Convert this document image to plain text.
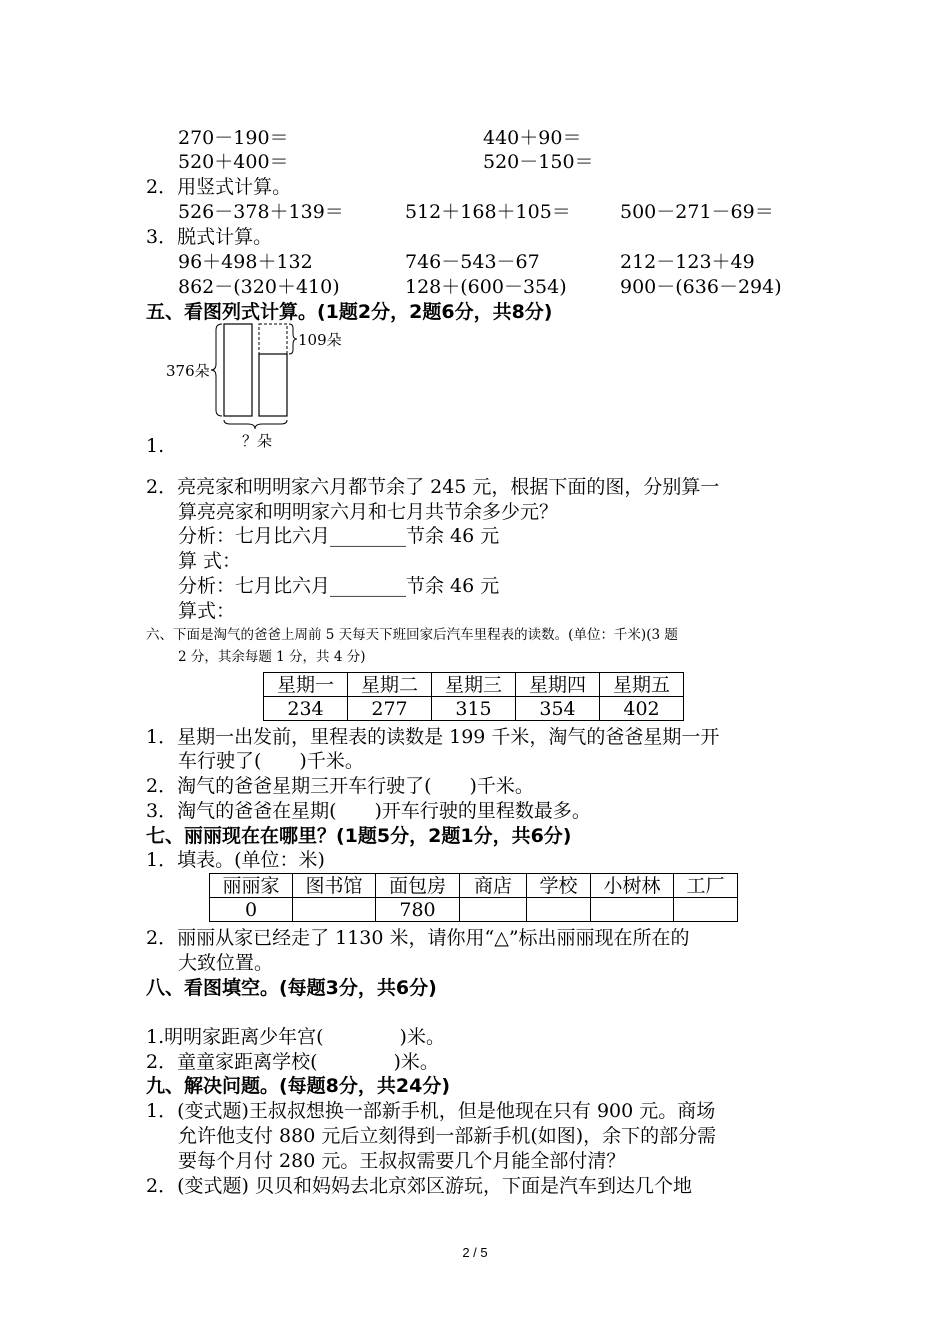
270－190＝	440＋90＝
520＋400＝	520－150＝
2．用竖式计算。
526－378＋139＝	512＋168＋105＝	500－271－69＝
3．脱式计算。
96＋498＋132	746－543－67	212－123＋49
862－(320＋410)	128＋(600－354)	900－(636－294)
五、看图列式计算。(1题2分，2题6分，共8分)
376朵
109朵
？朵
1.
2．亮亮家和明明家六月都节余了 245 元，根据下面的图，分别算一
算亮亮家和明明家六月和七月共节余多少元？
分析：七月比六月________节余 46 元
算 式：
分析：七月比六月________节余 46 元
算式：
六、下面是淘气的爸爸上周前 5 天每天下班回家后汽车里程表的读数。(单位：千米)(3 题
2 分，其余每题 1 分，共 4 分)
星期一	星期二	星期三	星期四	星期五
234	277	315	354	402
1．星期一出发前，里程表的读数是 199 千米，淘气的爸爸星期一开
车行驶了(　　)千米。
2．淘气的爸爸星期三开车行驶了(　　)千米。
3．淘气的爸爸在星期(　　)开车行驶的里程数最多。
七、丽丽现在在哪里？(1题5分，2题1分，共6分)
1．填表。(单位：米)
丽丽家	图书馆	面包房	商店	学校	小树林	工厂
0		780				
2．丽丽从家已经走了 1130 米，请你用“△”标出丽丽现在所在的
大致位置。
八、看图填空。(每题3分，共6分)
1.明明家距离少年宫(　　　　)米。
2．童童家距离学校(　　　　)米。
九、解决问题。(每题8分，共24分)
1．(变式题)王叔叔想换一部新手机，但是他现在只有 900 元。商场
允许他支付 880 元后立刻得到一部新手机(如图)，余下的部分需
要每个月付 280 元。王叔叔需要几个月能全部付清？
2．(变式题) 贝贝和妈妈去北京郊区游玩，下面是汽车到达几个地
2 / 5
